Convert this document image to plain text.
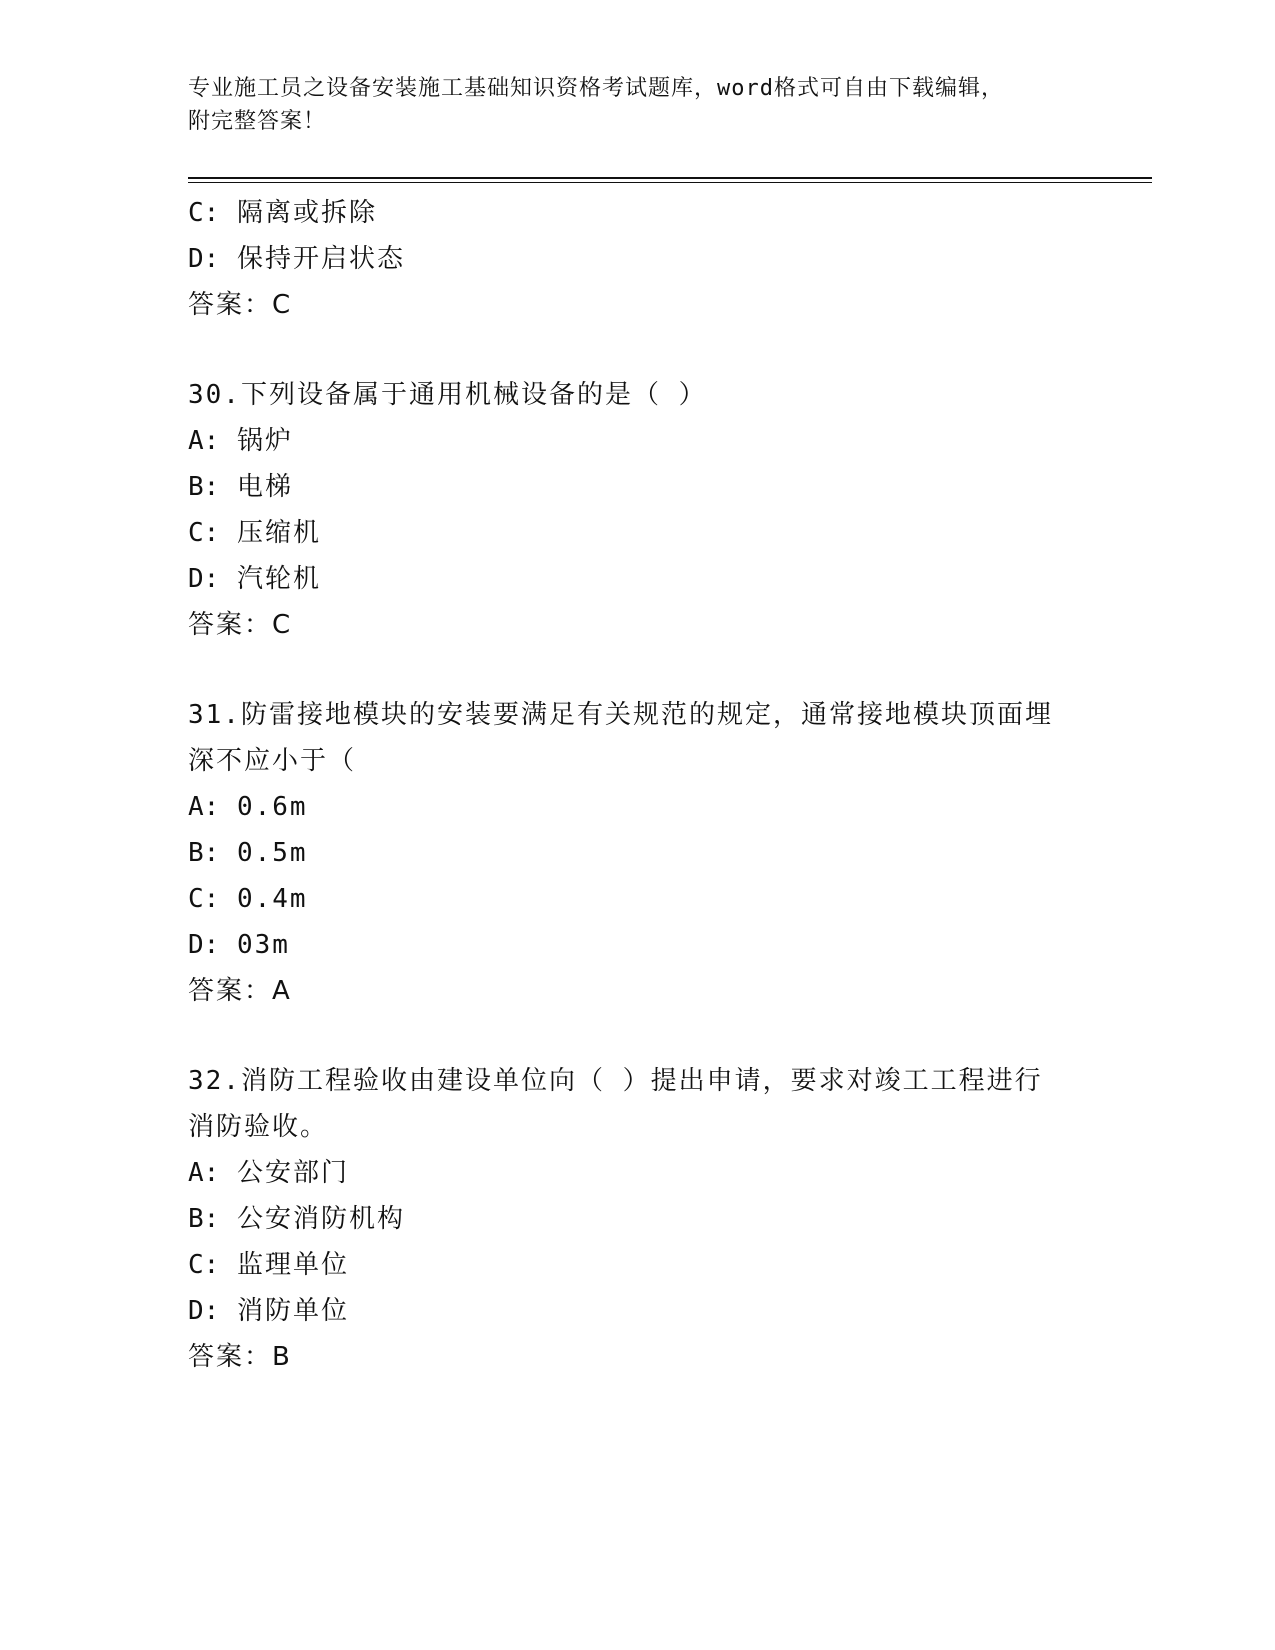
专业施工员之设备安装施工基础知识资格考试题库，word格式可自由下载编辑，
附完整答案！
C: 隔离或拆除
D: 保持开启状态
答案：C
30.下列设备属于通用机械设备的是（ ）
A: 锅炉
B: 电梯
C: 压缩机
D: 汽轮机
答案：C
31.防雷接地模块的安装要满足有关规范的规定，通常接地模块顶面埋
深不应小于（
A: 0.6m
B: 0.5m
C: 0.4m
D: 03m
答案：A
32.消防工程验收由建设单位向（ ）提出申请，要求对竣工工程进行
消防验收。
A: 公安部门
B: 公安消防机构
C: 监理单位
D: 消防单位
答案：B
